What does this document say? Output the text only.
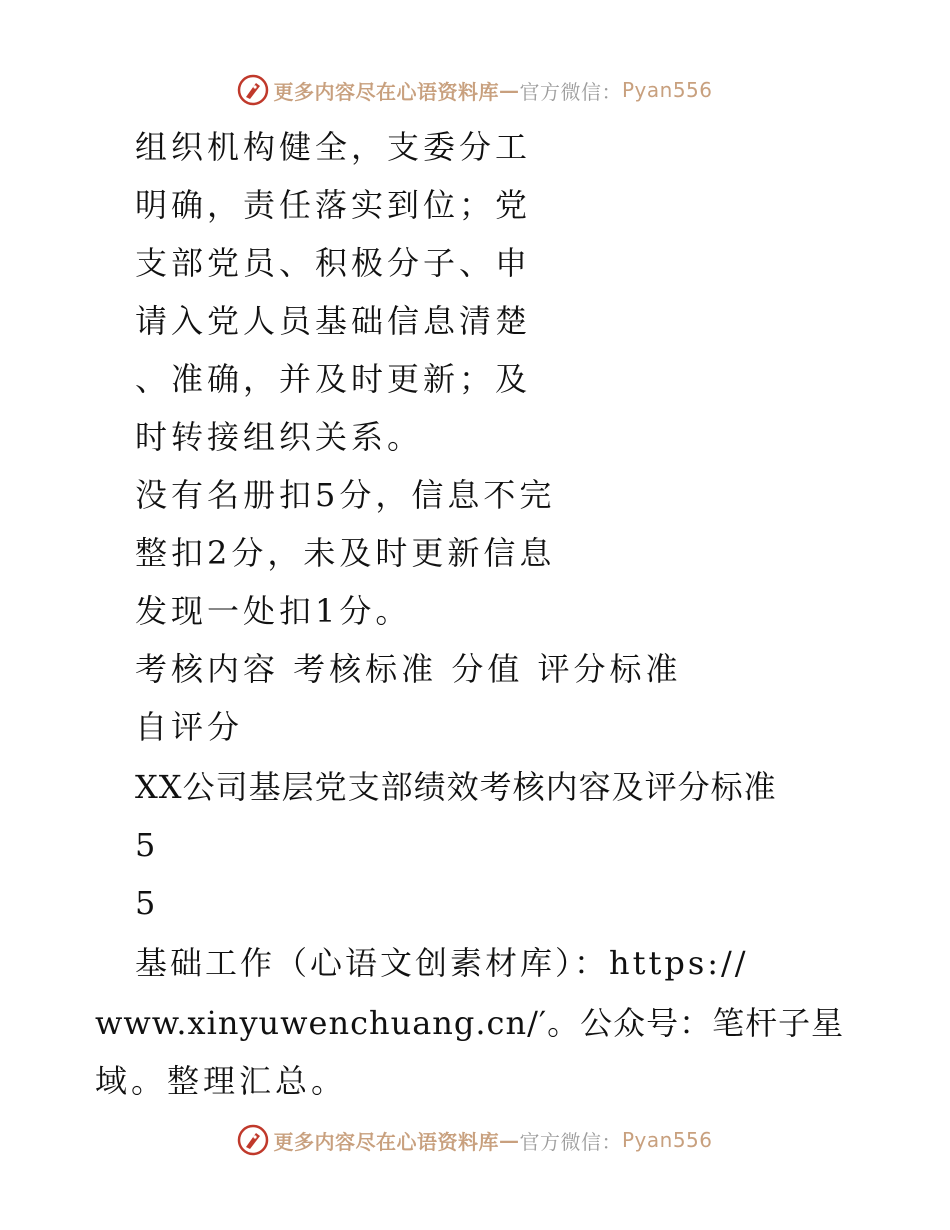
更多内容尽在心语资料库 — 官方微信： Pyan556
组织机构健全，支委分工
明确，责任落实到位；党
支部党员、积极分子、申
请入党人员基础信息清楚
、准确，并及时更新；及
时转接组织关系。
没有名册扣5分，信息不完
整扣2分，未及时更新信息
发现一处扣1分。
考核内容 考核标准 分值 评分标准
自评分
XX公司基层党支部绩效考核内容及评分标准
5
5
基础工作（心语文创素材库）：https://
www.xinyuwenchuang.cn/′。公众号：笔杆子星
域。整理汇总。
更多内容尽在心语资料库 — 官方微信： Pyan556
